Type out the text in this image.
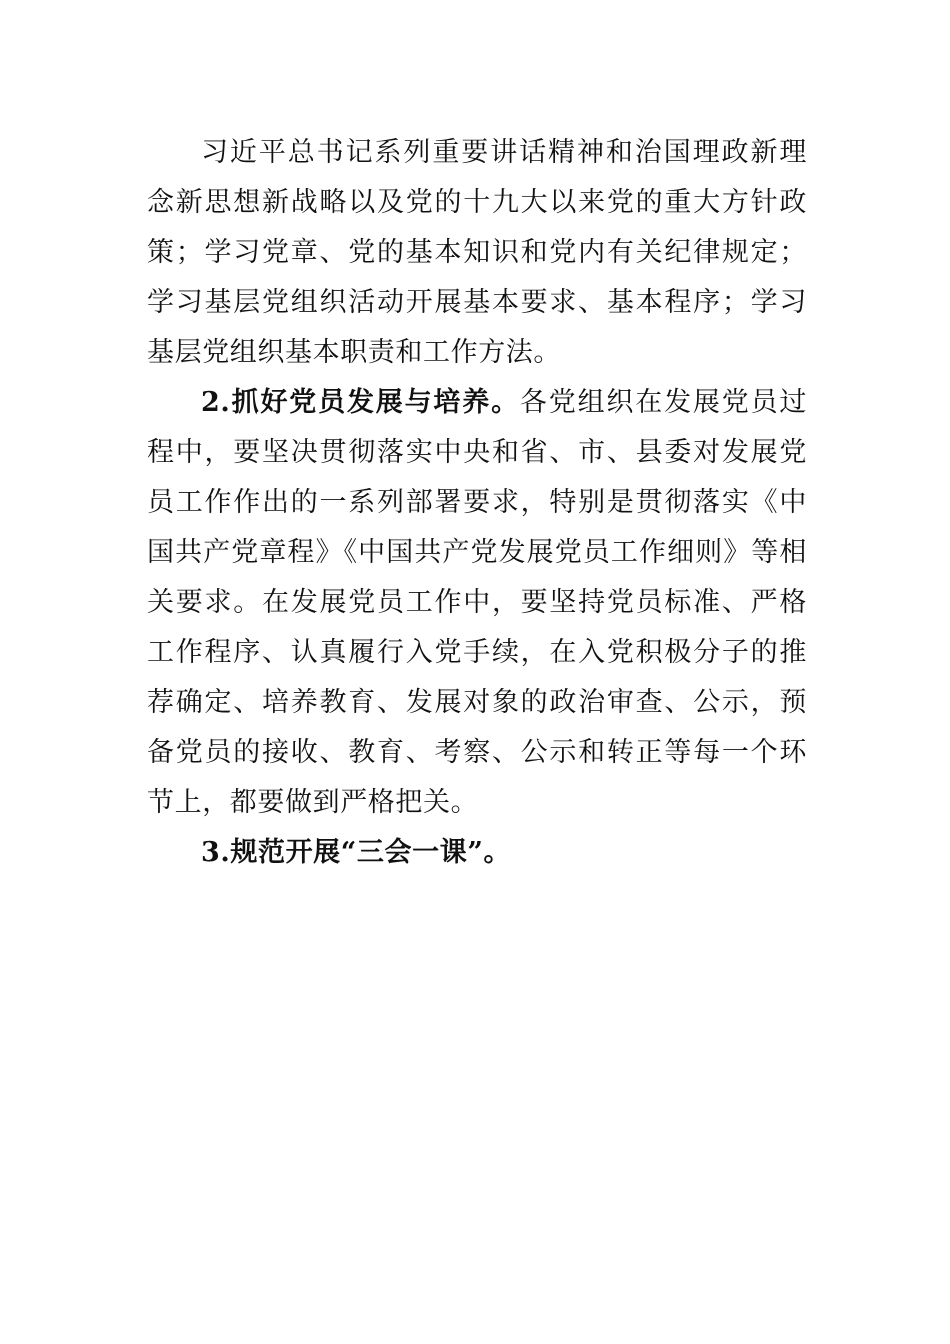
习近平总书记系列重要讲话精神和治国理政新理念新思想新战略以及党的十九大以来党的重大方针政策；学习党章、党的基本知识和党内有关纪律规定；学习基层党组织活动开展基本要求、基本程序；学习基层党组织基本职责和工作方法。

2.抓好党员发展与培养。各党组织在发展党员过程中，要坚决贯彻落实中央和省、市、县委对发展党员工作作出的一系列部署要求，特别是贯彻落实《中国共产党章程》《中国共产党发展党员工作细则》等相关要求。在发展党员工作中，要坚持党员标准、严格工作程序、认真履行入党手续，在入党积极分子的推荐确定、培养教育、发展对象的政治审查、公示，预备党员的接收、教育、考察、公示和转正等每一个环节上，都要做到严格把关。

3.规范开展“三会一课”。
